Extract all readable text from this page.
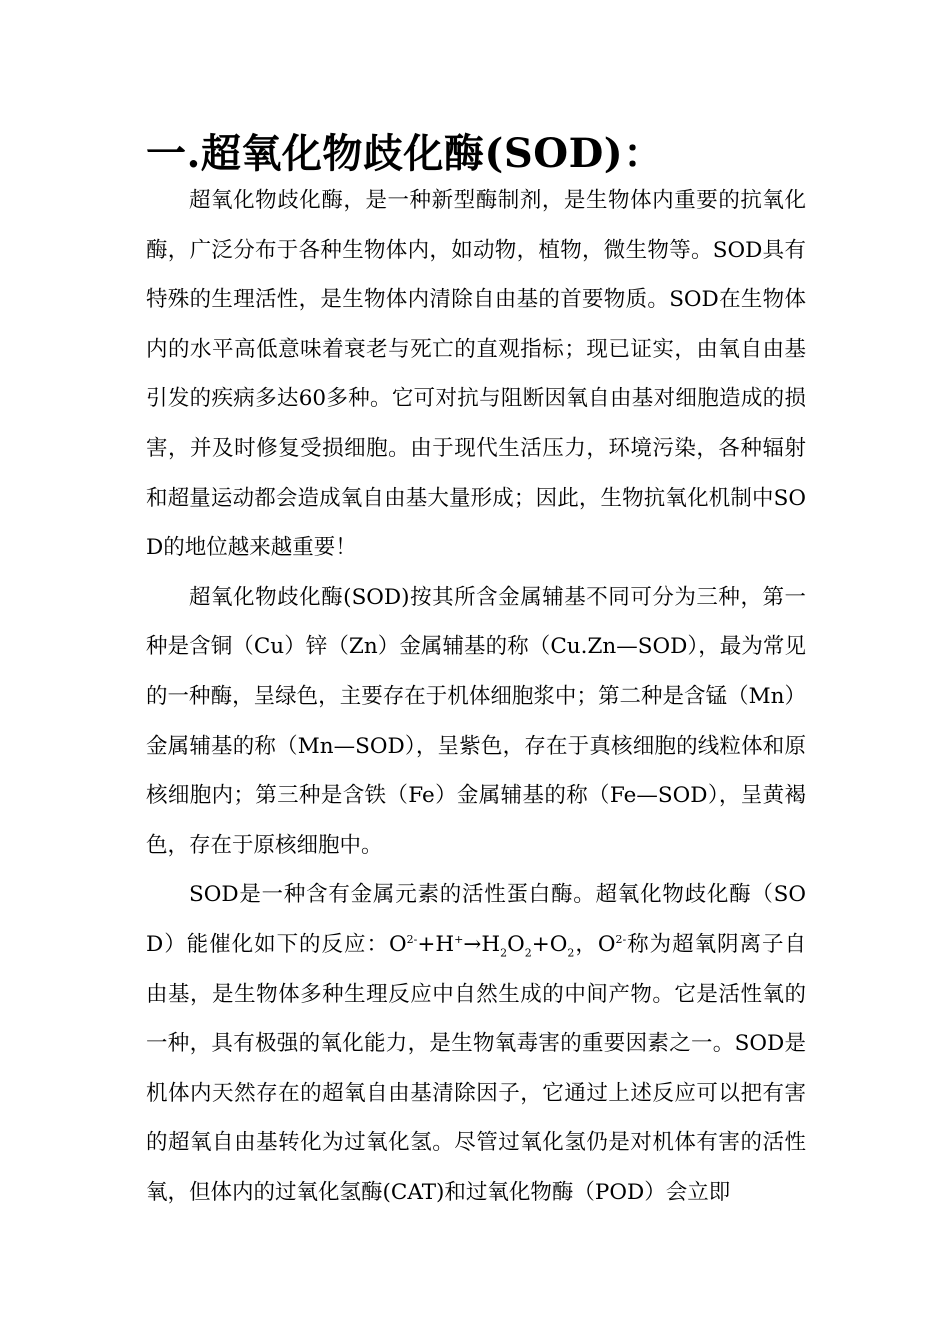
一.超氧化物歧化酶(SOD)：

超氧化物歧化酶，是一种新型酶制剂，是生物体内重要的抗氧化酶，广泛分布于各种生物体内，如动物，植物，微生物等。SOD具有特殊的生理活性，是生物体内清除自由基的首要物质。SOD在生物体内的水平高低意味着衰老与死亡的直观指标；现已证实，由氧自由基引发的疾病多达60多种。它可对抗与阻断因氧自由基对细胞造成的损害，并及时修复受损细胞。由于现代生活压力，环境污染，各种辐射和超量运动都会造成氧自由基大量形成；因此，生物抗氧化机制中SOD的地位越来越重要！

超氧化物歧化酶(SOD)按其所含金属辅基不同可分为三种，第一种是含铜（Cu）锌（Zn）金属辅基的称（Cu.Zn—SOD），最为常见的一种酶，呈绿色，主要存在于机体细胞浆中；第二种是含锰（Mn）金属辅基的称（Mn—SOD），呈紫色，存在于真核细胞的线粒体和原核细胞内；第三种是含铁（Fe）金属辅基的称（Fe—SOD），呈黄褐色，存在于原核细胞中。

SOD是一种含有金属元素的活性蛋白酶。超氧化物歧化酶（SOD）能催化如下的反应：$O^{2-}+H^+\to H_2O_2+O_2$，$O^{2-}$称为超氧阴离子自由基，是生物体多种生理反应中自然生成的中间产物。它是活性氧的一种，具有极强的氧化能力，是生物氧毒害的重要因素之一。SOD是机体内天然存在的超氧自由基清除因子，它通过上述反应可以把有害的超氧自由基转化为过氧化氢。尽管过氧化氢仍是对机体有害的活性氧，但体内的过氧化氢酶(CAT)和过氧化物酶（POD）会立即
